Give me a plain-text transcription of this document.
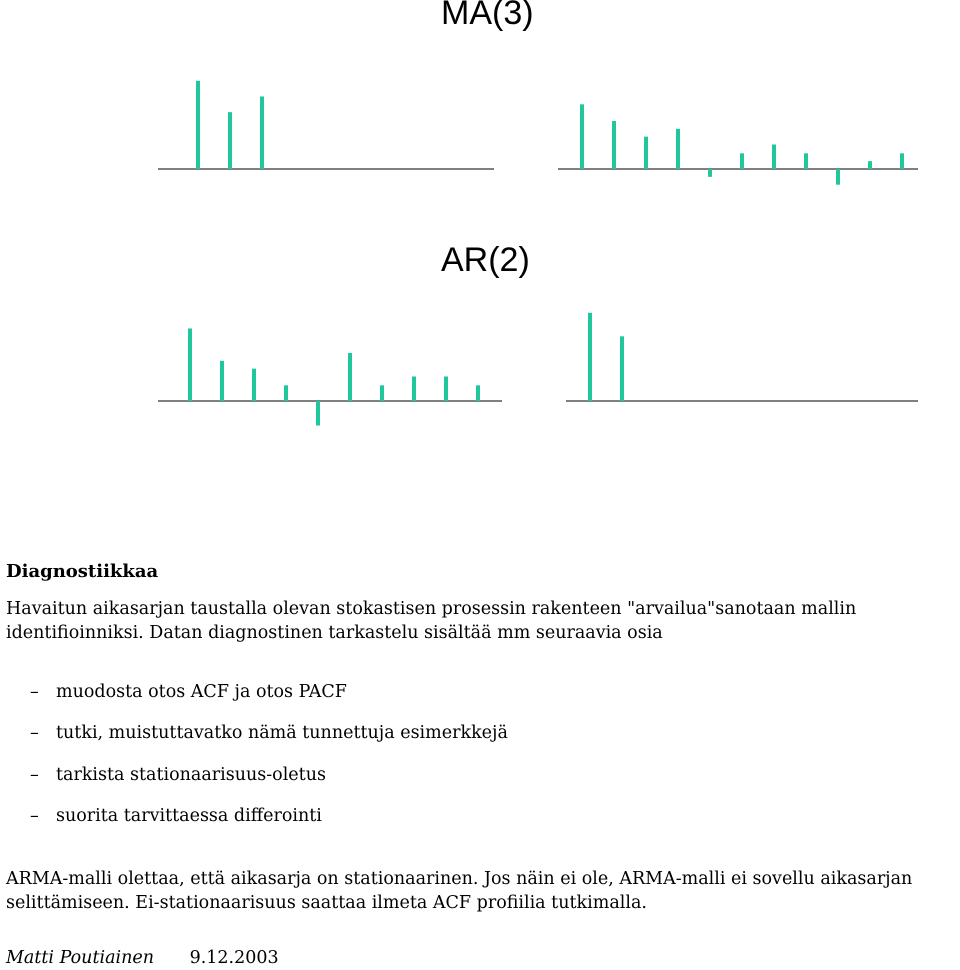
MA(3)
AR(2)
Diagnostiikkaa
Havaitun aikasarjan taustalla olevan stokastisen prosessin rakenteen "arvailua"sanotaan mallin identifioinniksi. Datan diagnostinen tarkastelu sisältää mm seuraavia osia
– muodosta otos ACF ja otos PACF
– tutki, muistuttavatko nämä tunnettuja esimerkkejä
– tarkista stationaarisuus-oletus
– suorita tarvittaessa differointi
ARMA-malli olettaa, että aikasarja on stationaarinen. Jos näin ei ole, ARMA-malli ei sovellu aikasarjan selittämiseen. Ei-stationaarisuus saattaa ilmeta ACF profiilia tutkimalla.
Matti Poutiainen 9.12.2003
